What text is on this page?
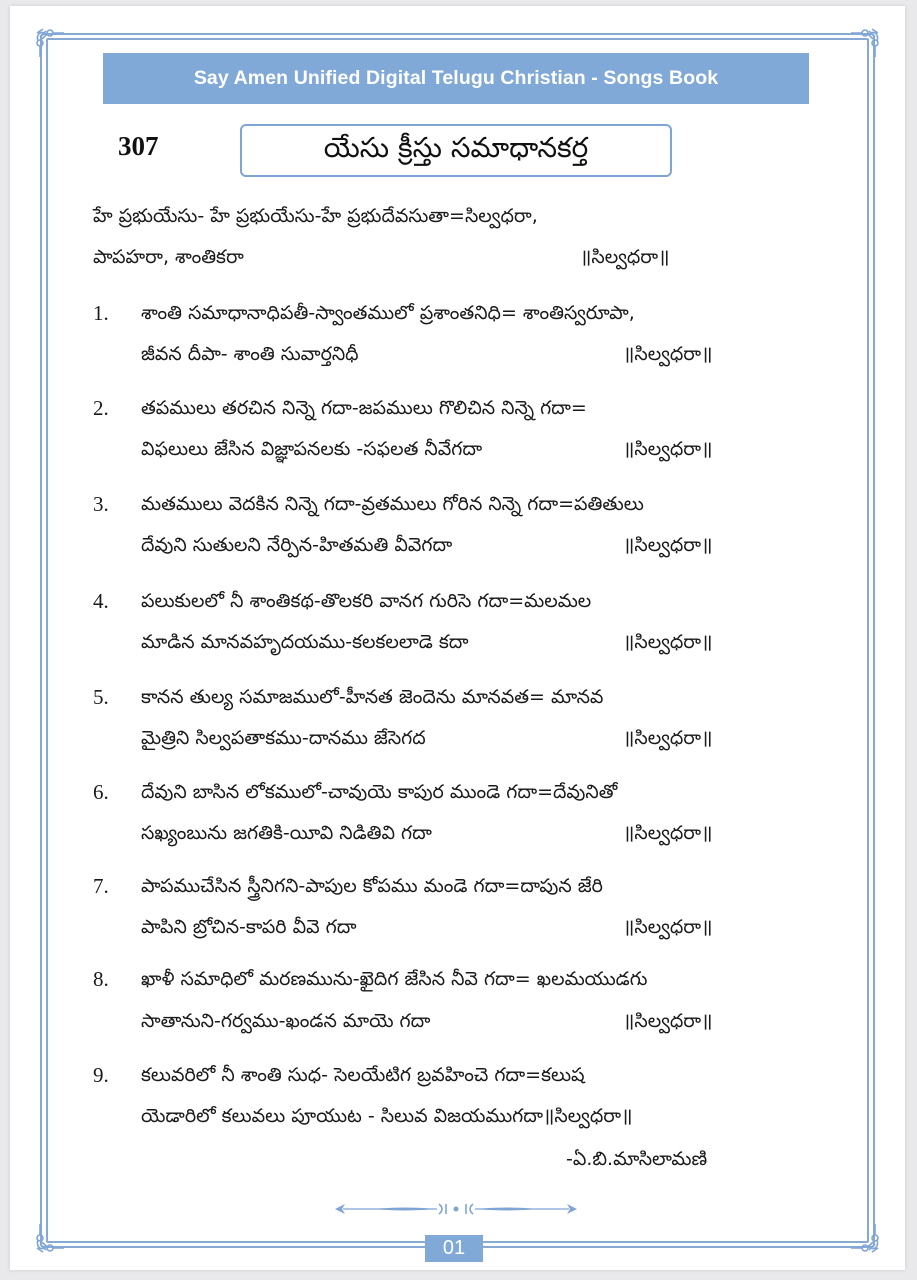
Say Amen Unified Digital Telugu Christian - Songs Book
307	యేసు క్రీస్తు సమాధానకర్త
హే ప్రభుయేసు- హే ప్రభుయేసు-హే ప్రభుదేవసుతా=సిల్వధరా,
పాపహరా, శాంతికరా	॥సిల్వధరా॥
1. శాంతి సమాధానాధిపతీ-స్వాంతములో ప్రశాంతనిధి= శాంతిస్వరూపా,
జీవన దీపా- శాంతి సువార్తనిధీ	॥సిల్వధరా॥
2. తపములు తరచిన నిన్నె గదా-జపములు గొలిచిన నిన్నె గదా=
విఫలులు జేసిన విజ్ఞాపనలకు -సఫలత నీవేగదా	॥సిల్వధరా॥
3. మతములు వెదకిన నిన్నె గదా-వ్రతములు గోరిన నిన్నె గదా=పతితులు
దేవుని సుతులని నేర్పిన-హితమతి వీవెగదా	॥సిల్వధరా॥
4. పలుకులలో నీ శాంతికథ-తొలకరి వానగ గురిసె గదా=మలమల
మాడిన మానవహృదయము-కలకలలాడె కదా	॥సిల్వధరా॥
5. కానన తుల్య సమాజములో-హీనత జెందెను మానవత= మానవ
మైత్రిని సిల్వపతాకము-దానము జేసెగద	॥సిల్వధరా॥
6. దేవుని బాసిన లోకములో-చావుయె కాపుర ముండె గదా=దేవునితో
సఖ్యంబును జగతికి-యీవి నిడితివి గదా	॥సిల్వధరా॥
7. పాపముచేసిన స్త్రీనిగని-పాపుల కోపము మండె గదా=దాపున జేరి
పాపిని బ్రోచిన-కాపరి వీవె గదా	॥సిల్వధరా॥
8. ఖాళీ సమాధిలో మరణమును-ఖైదిగ జేసిన నీవె గదా= ఖలమయుడగు
సాతానుని-గర్వము-ఖండన మాయె గదా	॥సిల్వధరా॥
9. కలువరిలో నీ శాంతి సుధ- సెలయేటిగ బ్రవహించె గదా=కలుష
యెడారిలో కలువలు పూయుట - సిలువ విజయముగదా॥సిల్వధరా॥
-ఏ.బి.మాసిలామణి
01
